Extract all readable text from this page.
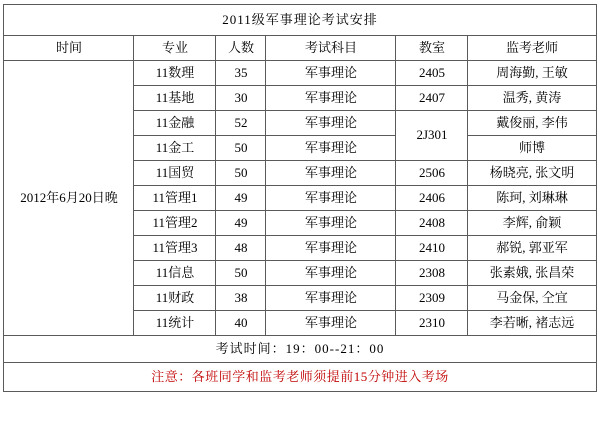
2011级军事理论考试安排					
时间	专业	人数	考试科目	教室	监考老师
2012年6月20日晚	11数理	35	军事理论	2405	周海勤, 王敏
	11基地	30	军事理论	2407	温秀, 黄涛
	11金融	52	军事理论	2J301	戴俊丽, 李伟
	11金工	50	军事理论		师博
	11国贸	50	军事理论	2506	杨晓亮, 张文明
	11管理1	49	军事理论	2406	陈珂, 刘琳琳
	11管理2	49	军事理论	2408	李辉, 俞颖
	11管理3	48	军事理论	2410	郝锐, 郭亚军
	11信息	50	军事理论	2308	张素娥, 张昌荣
	11财政	38	军事理论	2309	马金保, 仝宜
	11统计	40	军事理论	2310	李若晰, 褚志远
考试时间：19：00--21：00					
注意：各班同学和监考老师须提前15分钟进入考场					
